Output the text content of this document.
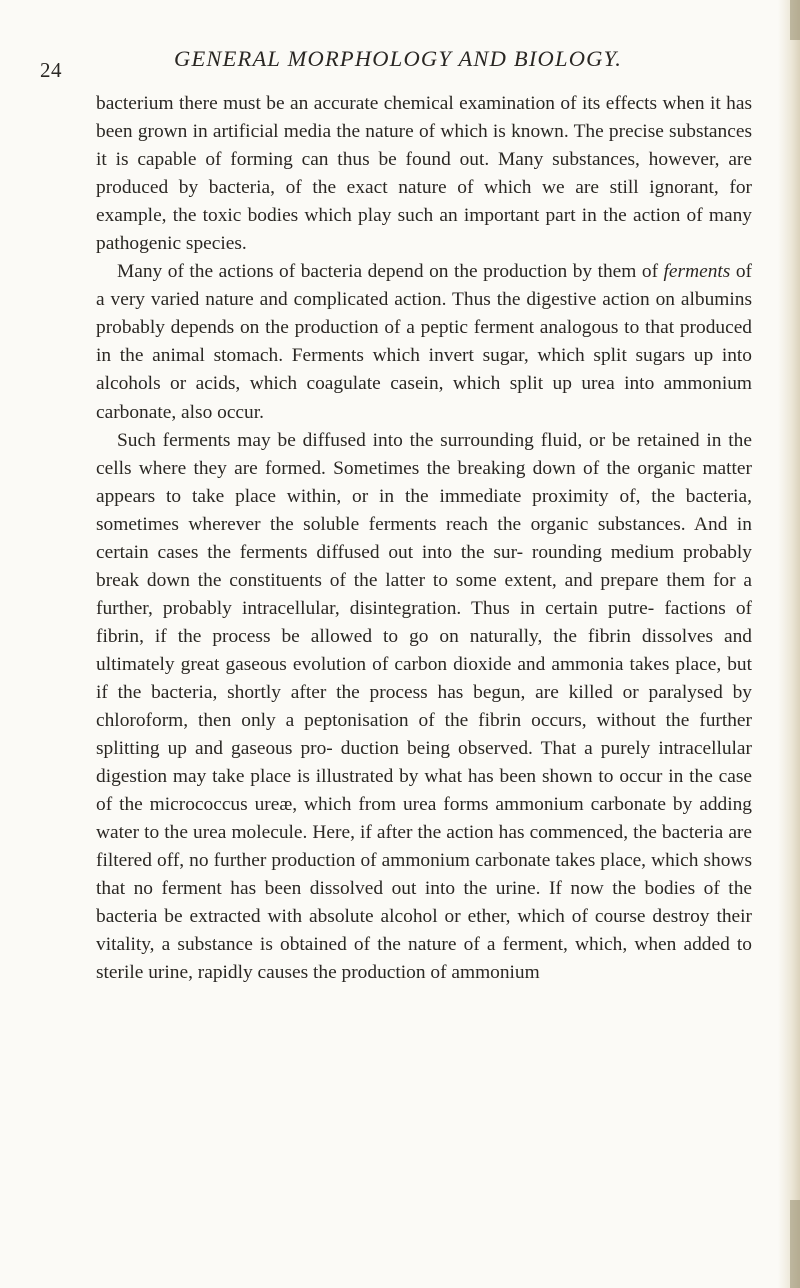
24	GENERAL MORPHOLOGY AND BIOLOGY.

bacterium there must be an accurate chemical examination of its effects when it has been grown in artificial media the nature of which is known. The precise substances it is capable of forming can thus be found out. Many substances, however, are produced by bacteria, of the exact nature of which we are still ignorant, for example, the toxic bodies which play such an important part in the action of many pathogenic species.

Many of the actions of bacteria depend on the production by them of ferments of a very varied nature and complicated action. Thus the digestive action on albumins probably depends on the production of a peptic ferment analogous to that produced in the animal stomach. Ferments which invert sugar, which split sugars up into alcohols or acids, which coagulate casein, which split up urea into ammonium carbonate, also occur.

Such ferments may be diffused into the surrounding fluid, or be retained in the cells where they are formed. Sometimes the breaking down of the organic matter appears to take place within, or in the immediate proximity of, the bacteria, sometimes wherever the soluble ferments reach the organic substances. And in certain cases the ferments diffused out into the sur- rounding medium probably break down the constituents of the latter to some extent, and prepare them for a further, probably intracellular, disintegration. Thus in certain putre- factions of fibrin, if the process be allowed to go on naturally, the fibrin dissolves and ultimately great gaseous evolution of carbon dioxide and ammonia takes place, but if the bacteria, shortly after the process has begun, are killed or paralysed by chloroform, then only a peptonisation of the fibrin occurs, without the further splitting up and gaseous pro- duction being observed. That a purely intracellular digestion may take place is illustrated by what has been shown to occur in the case of the micrococcus ureæ, which from urea forms ammonium carbonate by adding water to the urea molecule. Here, if after the action has commenced, the bacteria are filtered off, no further production of ammonium carbonate takes place, which shows that no ferment has been dissolved out into the urine. If now the bodies of the bacteria be extracted with absolute alcohol or ether, which of course destroy their vitality, a substance is obtained of the nature of a ferment, which, when added to sterile urine, rapidly causes the production of ammonium
